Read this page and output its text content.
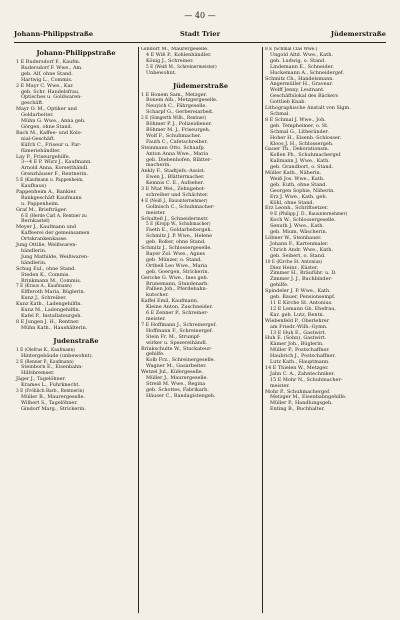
— 40 —
Johann-Philippstraße	Stadt Trier	Jüdemerstraße
Johann-Philippstraße
1 E Rudersdorf F., Kaufm.
Rudersdorf F. Wwe., Am.
geb. Alf, ohne Stand.
Hartwig L., Commis.
2 E Mayr C. Wwe., Kar.
geb. Schr. Handelsfrau,
Optisches u. Goldwaren-
geschäft.
Mayr O. M., Optiker und
Goldarbeiter.
Mühn G. Wwe., Anna geb.
Görgen, ohne Stand.
Bach M., Kaffee- und Kolo-
nial-Geschäft.
Küfch C., Friseur u. Par-
fümeriehändler.
Lay P., Friseurgehilfe.
3—4 E P. Würz J., Kaufmann.
Arnold Anna, Korsetthändl.
Grenzhäuser F., Rentnerin.
5 E (Kaufmann u. Pappenheim,
Kaufhaus)
Pappenheim A., Bankier.
Bankgeschäft Kaufmann
u. Pappenheim.
Graf M., Briefträger.
6 E (Herde Carl A. Rentner zu
Bernkastel)
Meyer J., Kaufmann und
Kaffeerei der gemeinsamen
Ortskrankenkasse.
Jung Ottilie, Weißwaren-
händlerin.
Jung Mathilde, Weißwaren-
händlerin.
Schug Eul., ohne Stand.
Steden K., Commis.
Brinkmann M., Commis.
7 E (Kraus A., Kaufmann)
Elfferoth Maria, Büglerin.
Kunz J., Schreiber.
Kunz Kath., Ladengehilfin.
Kunz M., Ladengehilfin.
Kafel P., Installateurgeh.
8 E Jungen J. H., Rentner.
Mühn Kath., Haushälterin.
Judenstraße
1 E (Olefrus K., Kaufmann)
Hintergebäude (unbewohnt).
2 E (Renner P., Kaufmann)
Steinborn E., Eisenbahn-
Hilfsbremser.
Jäger J., Tagelöhner.
Krames L., Fuhrknecht.
3 E (Fröhlich Barb., Rentnerin)
Müller B., Maurergeselle.
Wilbert S., Tagelöhner.
Gindorf Marg., Strickerin.
Gindorf M., Maurergeselle.
4 E Wiß P., Kohlenhändler.
König J., Schreiner.
5 E (Weiß M., Schreinermeister)
Unbewohnt.
Jüdemerstraße
1 E Bonem Sam., Metzger.
Bonem Alb., Metzgergeselle.
Neuyich C., Fährgeselle.
Scharpf G., Gerbereiarbeit.
2 E (Simgerth Wilh., Rentner)
Böhmer P. J., Polizeidiener.
Böhmer M. J., Friseurgeh.
Wolf F., Schuhmacher.
Fauth C., Cafetschreiber.
Steinmann Otto, Schaufp.
Anton Anna Wwe., Maria
geb. Diebenhofen, Blätter-
macherin.
Ankly F., Stadtjefs.-Assist.
Ewen J., Blättermacher.
Kemnis C. E., Aufseher.
3 E Ntat Wei., Zehngebot-
schreiber und Schächter.
4 E (Neiß J., Bauunternehmer)
Gollnisch C., Schuhmacher-
meister.
Schulteß J., Schneidermstr.
5 E (Kropp W., Schuhmacher)
Faeth E., Goldarbeitergeh.
Schmitz J. P. Wwe., Helene
geb. Boßer, ohne Stand.
Schmitz J., Schlossergeselle.
Bayer Zol. Wwe., Agnes
geb. Münzer, o. Stand.
Ortbell Leo Wwe., Maria
geb. Goergen, Strickerin.
Gericke G. Wwe., Ines geb.
Brunemann, Stundenarb.
Pallien Joh., Pferdebahn-
kutscher.
Kaffel Emil, Kaufmann.
Kleine Anton, Zuschneider.
6 E Zenner P., Schreiner-
meister.
7 E Hoffmann J., Schreinergef.
Hoffmann F., Schreinergef.
Stein Fr. M., Strumpf-
wirker u. Spezereihändl.
Brinkschulte W., Stuckateur-
gehilfe.
Kolb Frz., Schreinergeselle.
Wagner M., Gasarbeiter.
Wetzel Jul., Küfergeselle.
Müller J., Maurergeselle.
Streiß M. Wwe., Regina
geb. Schottes, Fabrikarb.
Häuser C., Bandagistengeh.
8 E (Schmal Clas Wwe.)
Ungold Altd. Wwe., Kath.
geb. Ludwig, o. Stand.
Lindemann E., Schneider.
Huckemann A., Schneidergef.
Schmitz Ch., Handelsmann.
Angermüller H., Graveur.
Wolff Jenny, Leutnant.
Geschäftslokal des Bäckers
Gottlieb Knab.
Lithographische Anstalt von Sigm.
Schmal.
8 E Schmal J. Wwe., Joh.
geb. Tempheimer, o. St.
Schmal G., Litheränder.
Hoher H., Eisenb.-Schlosser.
Kloos J. H., Schlossergeh.
Gauer Th., Dekorationsm.
Kollen Ph., Schuhmachergef.
Kallmann J. Wwe., Kath.
geb. Grandbort, o. Stand.
Müller Kath., Näherin.
Weiß Jos. Wwe., Kath.
geb. Euth, ohne Stand.
Georgen Sophie, Näherin.
Erz J. Wwe., Kath. geb.
Köhl, ohne Stand.
Erz Leonh., Schriftsetzer.
9 E (Philipp J. D., Bauunternehmer)
Koch W., Schlossergeselle.
Senuth J. Wwe., Kath.
geb. Mium, Wäscherin.
Löbner W., Steinhauer.
Johann F., Kartenmaler.
Chrich Andr. Wwe., Kath.
geb. Seibert, o. Stand.
10 E (Kirche St. Antonius)
Diez Heinr., Küster.
Zimmer H., Bräuführ. u. D.
Zimmer J. J., Buchbinder-
gehilfe.
Spindeler J. P. Wwe., Kath.
geb. Bauer, Pensionsempf.
11 E Kirche St. Antonius.
12 E Lemann Gb. Ehefrau,
Kar. geb. Lutz, Rentn.
Wiebenfeld P., Oberlehrer
am Friedr.-Wilh.-Gymn.
13 E Huh E., Gastwirt.
Huh E. (Sohn), Gastwirt.
Kämer Joh., Büglerin.
Müller P., Postschaffner.
Haubrich J., Postschaffner.
Lutz Kath., Hauptmann.
14 E Thielen W., Metzger.
Jahn C. A., Zahntechniker.
15 E Mohr N., Schuhmacher-
meister.
Mohr P., Schuhmachergef.
Metzger M., Eisenbahngehilfe.
Müller P., Handlungsgeh.
Enting B., Buchhalter.
